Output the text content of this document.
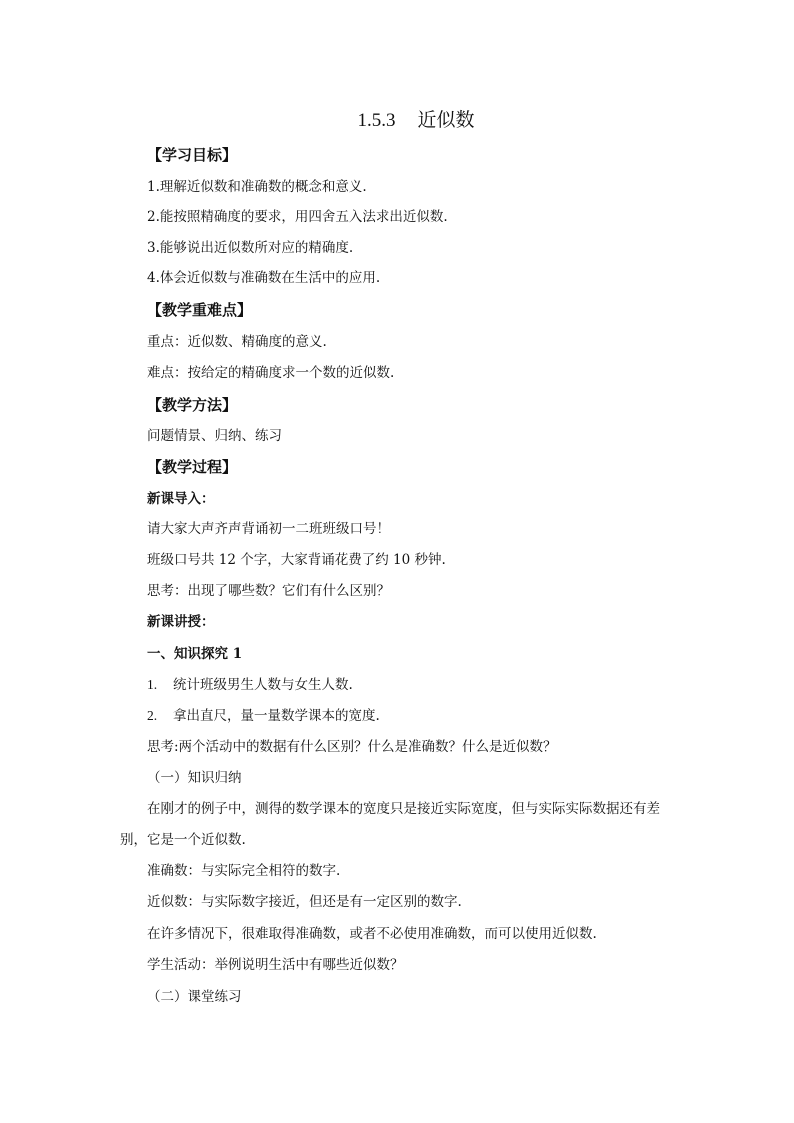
1.5.3 近似数
【学习目标】
1.理解近似数和准确数的概念和意义.
2.能按照精确度的要求，用四舍五入法求出近似数.
3.能够说出近似数所对应的精确度.
4.体会近似数与准确数在生活中的应用.
【教学重难点】
重点：近似数、精确度的意义.
难点：按给定的精确度求一个数的近似数.
【教学方法】
问题情景、归纳、练习
【教学过程】
新课导入：
请大家大声齐声背诵初一二班班级口号！
班级口号共 12 个字，大家背诵花费了约 10 秒钟.
思考：出现了哪些数？它们有什么区别？
新课讲授：
一、知识探究 1
1. 统计班级男生人数与女生人数.
2. 拿出直尺，量一量数学课本的宽度.
思考:两个活动中的数据有什么区别？什么是准确数？什么是近似数？
（一）知识归纳
在刚才的例子中，测得的数学课本的宽度只是接近实际宽度，但与实际实际数据还有差
别，它是一个近似数.
准确数：与实际完全相符的数字.
近似数：与实际数字接近，但还是有一定区别的数字.
在许多情况下，很难取得准确数，或者不必使用准确数，而可以使用近似数.
学生活动：举例说明生活中有哪些近似数？
（二）课堂练习
